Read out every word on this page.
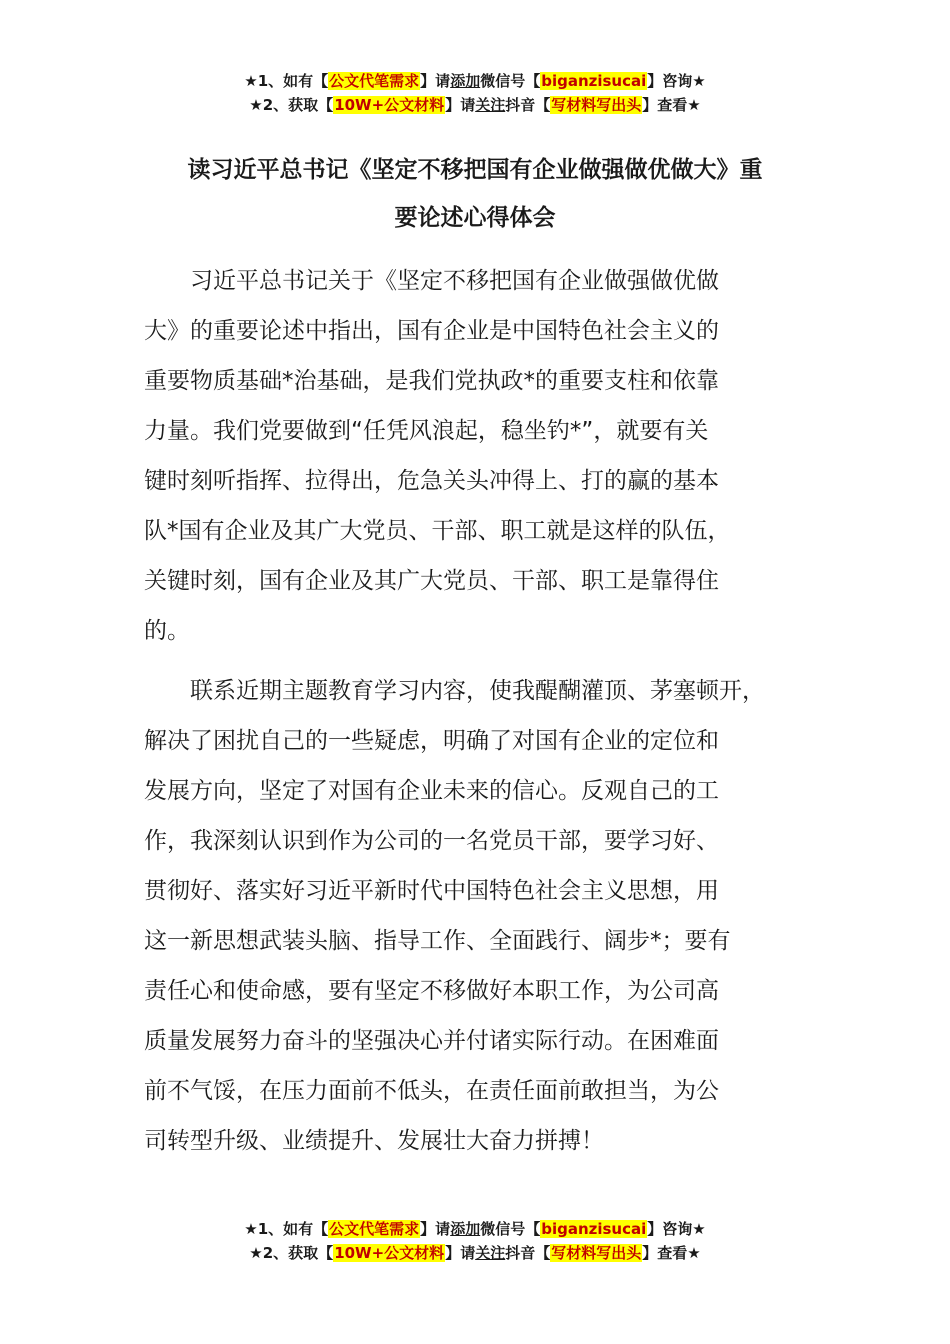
★1、如有【公文代笔需求】请添加微信号【biganzisucai】咨询★
★2、获取【10W+公文材料】请关注抖音【写材料写出头】查看★
读习近平总书记《坚定不移把国有企业做强做优做大》重
要论述心得体会
　　习近平总书记关于《坚定不移把国有企业做强做优做
大》的重要论述中指出，国有企业是中国特色社会主义的
重要物质基础*治基础，是我们党执政*的重要支柱和依靠
力量。我们党要做到“任凭风浪起，稳坐钓*”，就要有关
键时刻听指挥、拉得出，危急关头冲得上、打的赢的基本
队*国有企业及其广大党员、干部、职工就是这样的队伍，
关键时刻，国有企业及其广大党员、干部、职工是靠得住
的。
　　联系近期主题教育学习内容，使我醍醐灌顶、茅塞顿开，
解决了困扰自己的一些疑虑，明确了对国有企业的定位和
发展方向，坚定了对国有企业未来的信心。反观自己的工
作，我深刻认识到作为公司的一名党员干部，要学习好、
贯彻好、落实好习近平新时代中国特色社会主义思想，用
这一新思想武装头脑、指导工作、全面践行、阔步*；要有
责任心和使命感，要有坚定不移做好本职工作，为公司高
质量发展努力奋斗的坚强决心并付诸实际行动。在困难面
前不气馁，在压力面前不低头，在责任面前敢担当，为公
司转型升级、业绩提升、发展壮大奋力拼搏！
★1、如有【公文代笔需求】请添加微信号【biganzisucai】咨询★
★2、获取【10W+公文材料】请关注抖音【写材料写出头】查看★
